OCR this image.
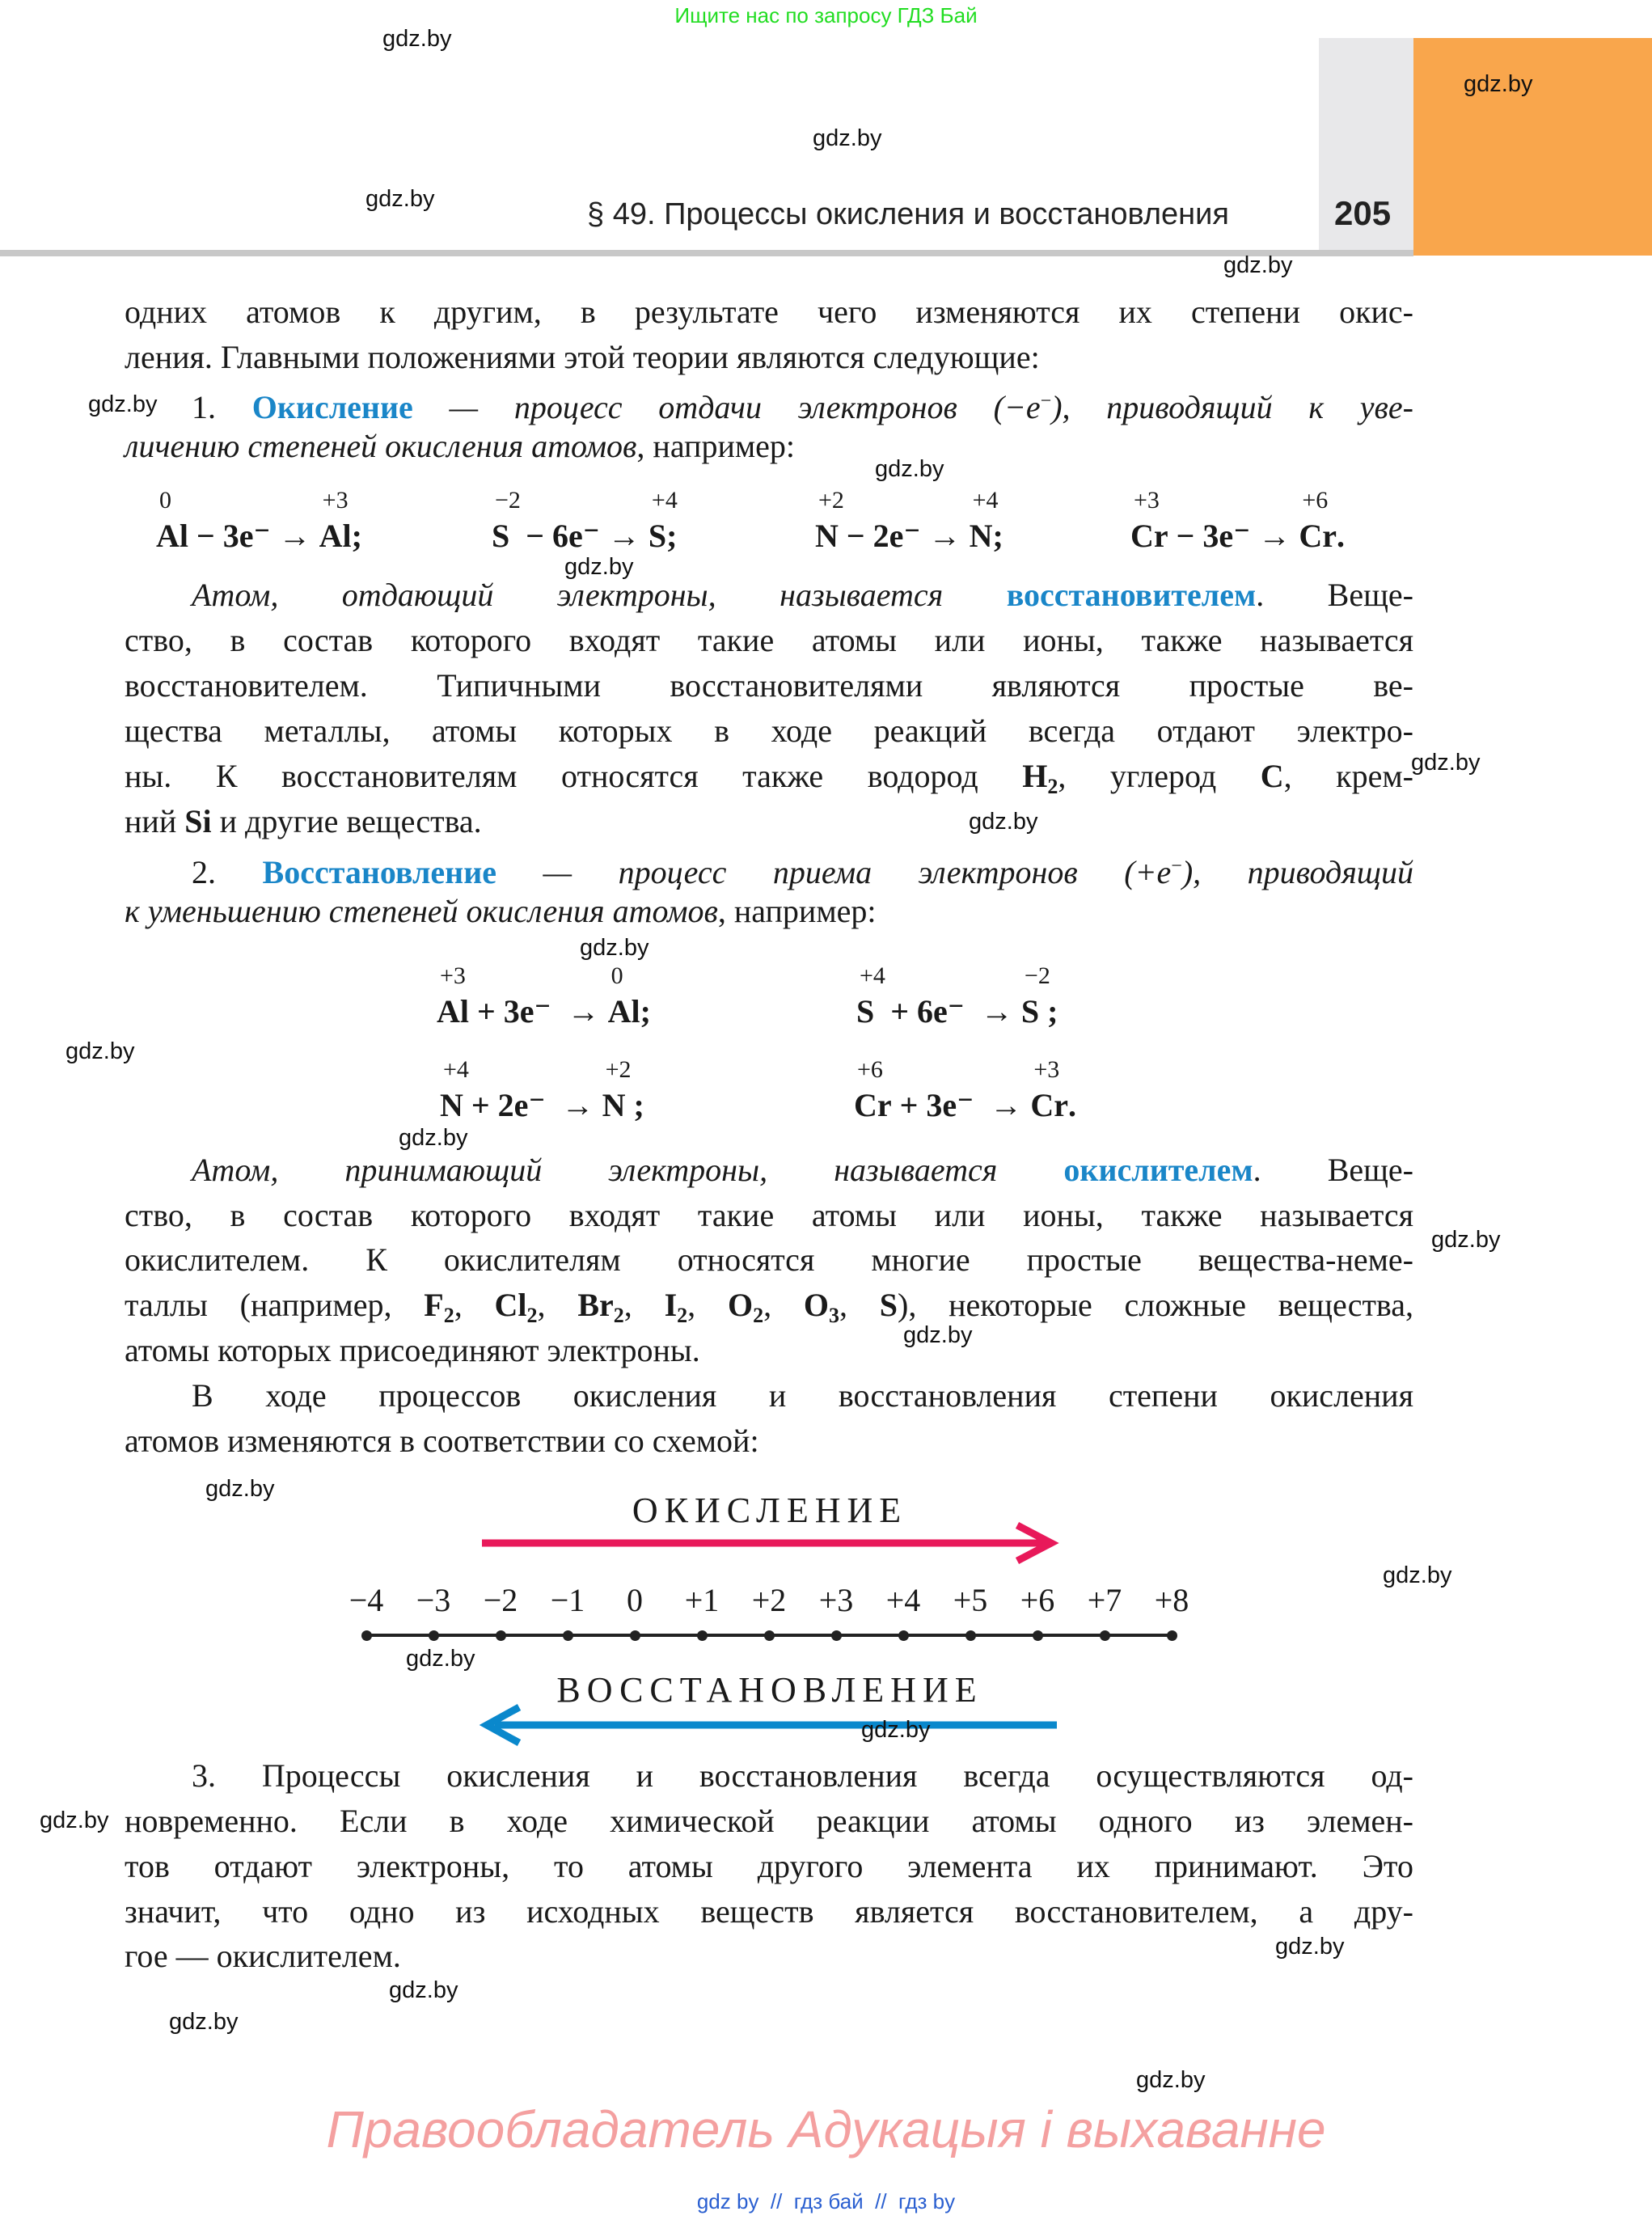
Ищите нас по запросу ГДЗ Бай
§ 49. Процессы окисления и восстановления	205
одних атомов к другим, в результате чего изменяются их степени окис-
ления. Главными положениями этой теории являются следующие:
1. Окисление — процесс отдачи электронов (−e−), приводящий к уве-
личению степеней окисления атомов, например:
Атом, отдающий электроны, называется восстановителем. Веще-
ство, в состав которого входят такие атомы или ионы, также называется
восстановителем. Типичными восстановителями являются простые ве-
щества металлы, атомы которых в ходе реакций всегда отдают электро-
ны. К восстановителям относятся также водород $H_2$, углерод C, крем-
ний Si и другие вещества.
2. Восстановление — процесс приема электронов (+e−), приводящий
к уменьшению степеней окисления атомов, например:
Атом, принимающий электроны, называется окислителем. Веще-
ство, в состав которого входят такие атомы или ионы, также называется
окислителем. К окислителям относятся многие простые вещества-неме-
таллы (например, $F_2$, $Cl_2$, $Br_2$, $I_2$, $O_2$, $O_3$, S), некоторые сложные вещества,
атомы которых присоединяют электроны.
В ходе процессов окисления и восстановления степени окисления
атомов изменяются в соответствии со схемой:
3. Процессы окисления и восстановления всегда осуществляются од-
новременно. Если в ходе химической реакции атомы одного из элемен-
тов отдают электроны, то атомы другого элемента их принимают. Это
значит, что одно из исходных веществ является восстановителем, а дру-
гое — окислителем.
0
Al − 3e⁻ →
+3
Al;
−2
S  − 6e⁻ →
+4
S;
+2
N − 2e⁻ →
+4
N;
+3
Cr − 3e⁻ →
+6
Cr.
+3
Al + 3e⁻  →
0
Al;
+4
S  + 6e⁻  →
−2
S ;
+4
N + 2e⁻  →
+2
N ;
+6
Cr + 3e⁻  →
+3
Cr.
ОКИСЛЕНИЕ
−4	−3	−2	−1	0	+1	+2	+3	+4	+5	+6	+7	+8
ВОССТАНОВЛЕНИЕ
gdz.by
gdz.by
gdz.by
gdz.by
gdz.by
gdz.by
gdz.by
gdz.by
gdz.by
gdz.by
gdz.by
gdz.by
gdz.by
gdz.by
gdz.by
gdz.by
gdz.by
gdz.by
gdz.by
gdz.by
gdz.by
gdz.by
gdz.by
gdz.by
Правообладатель Адукацыя і выхаванне
gdz by  //  гдз бай  //  гдз by
